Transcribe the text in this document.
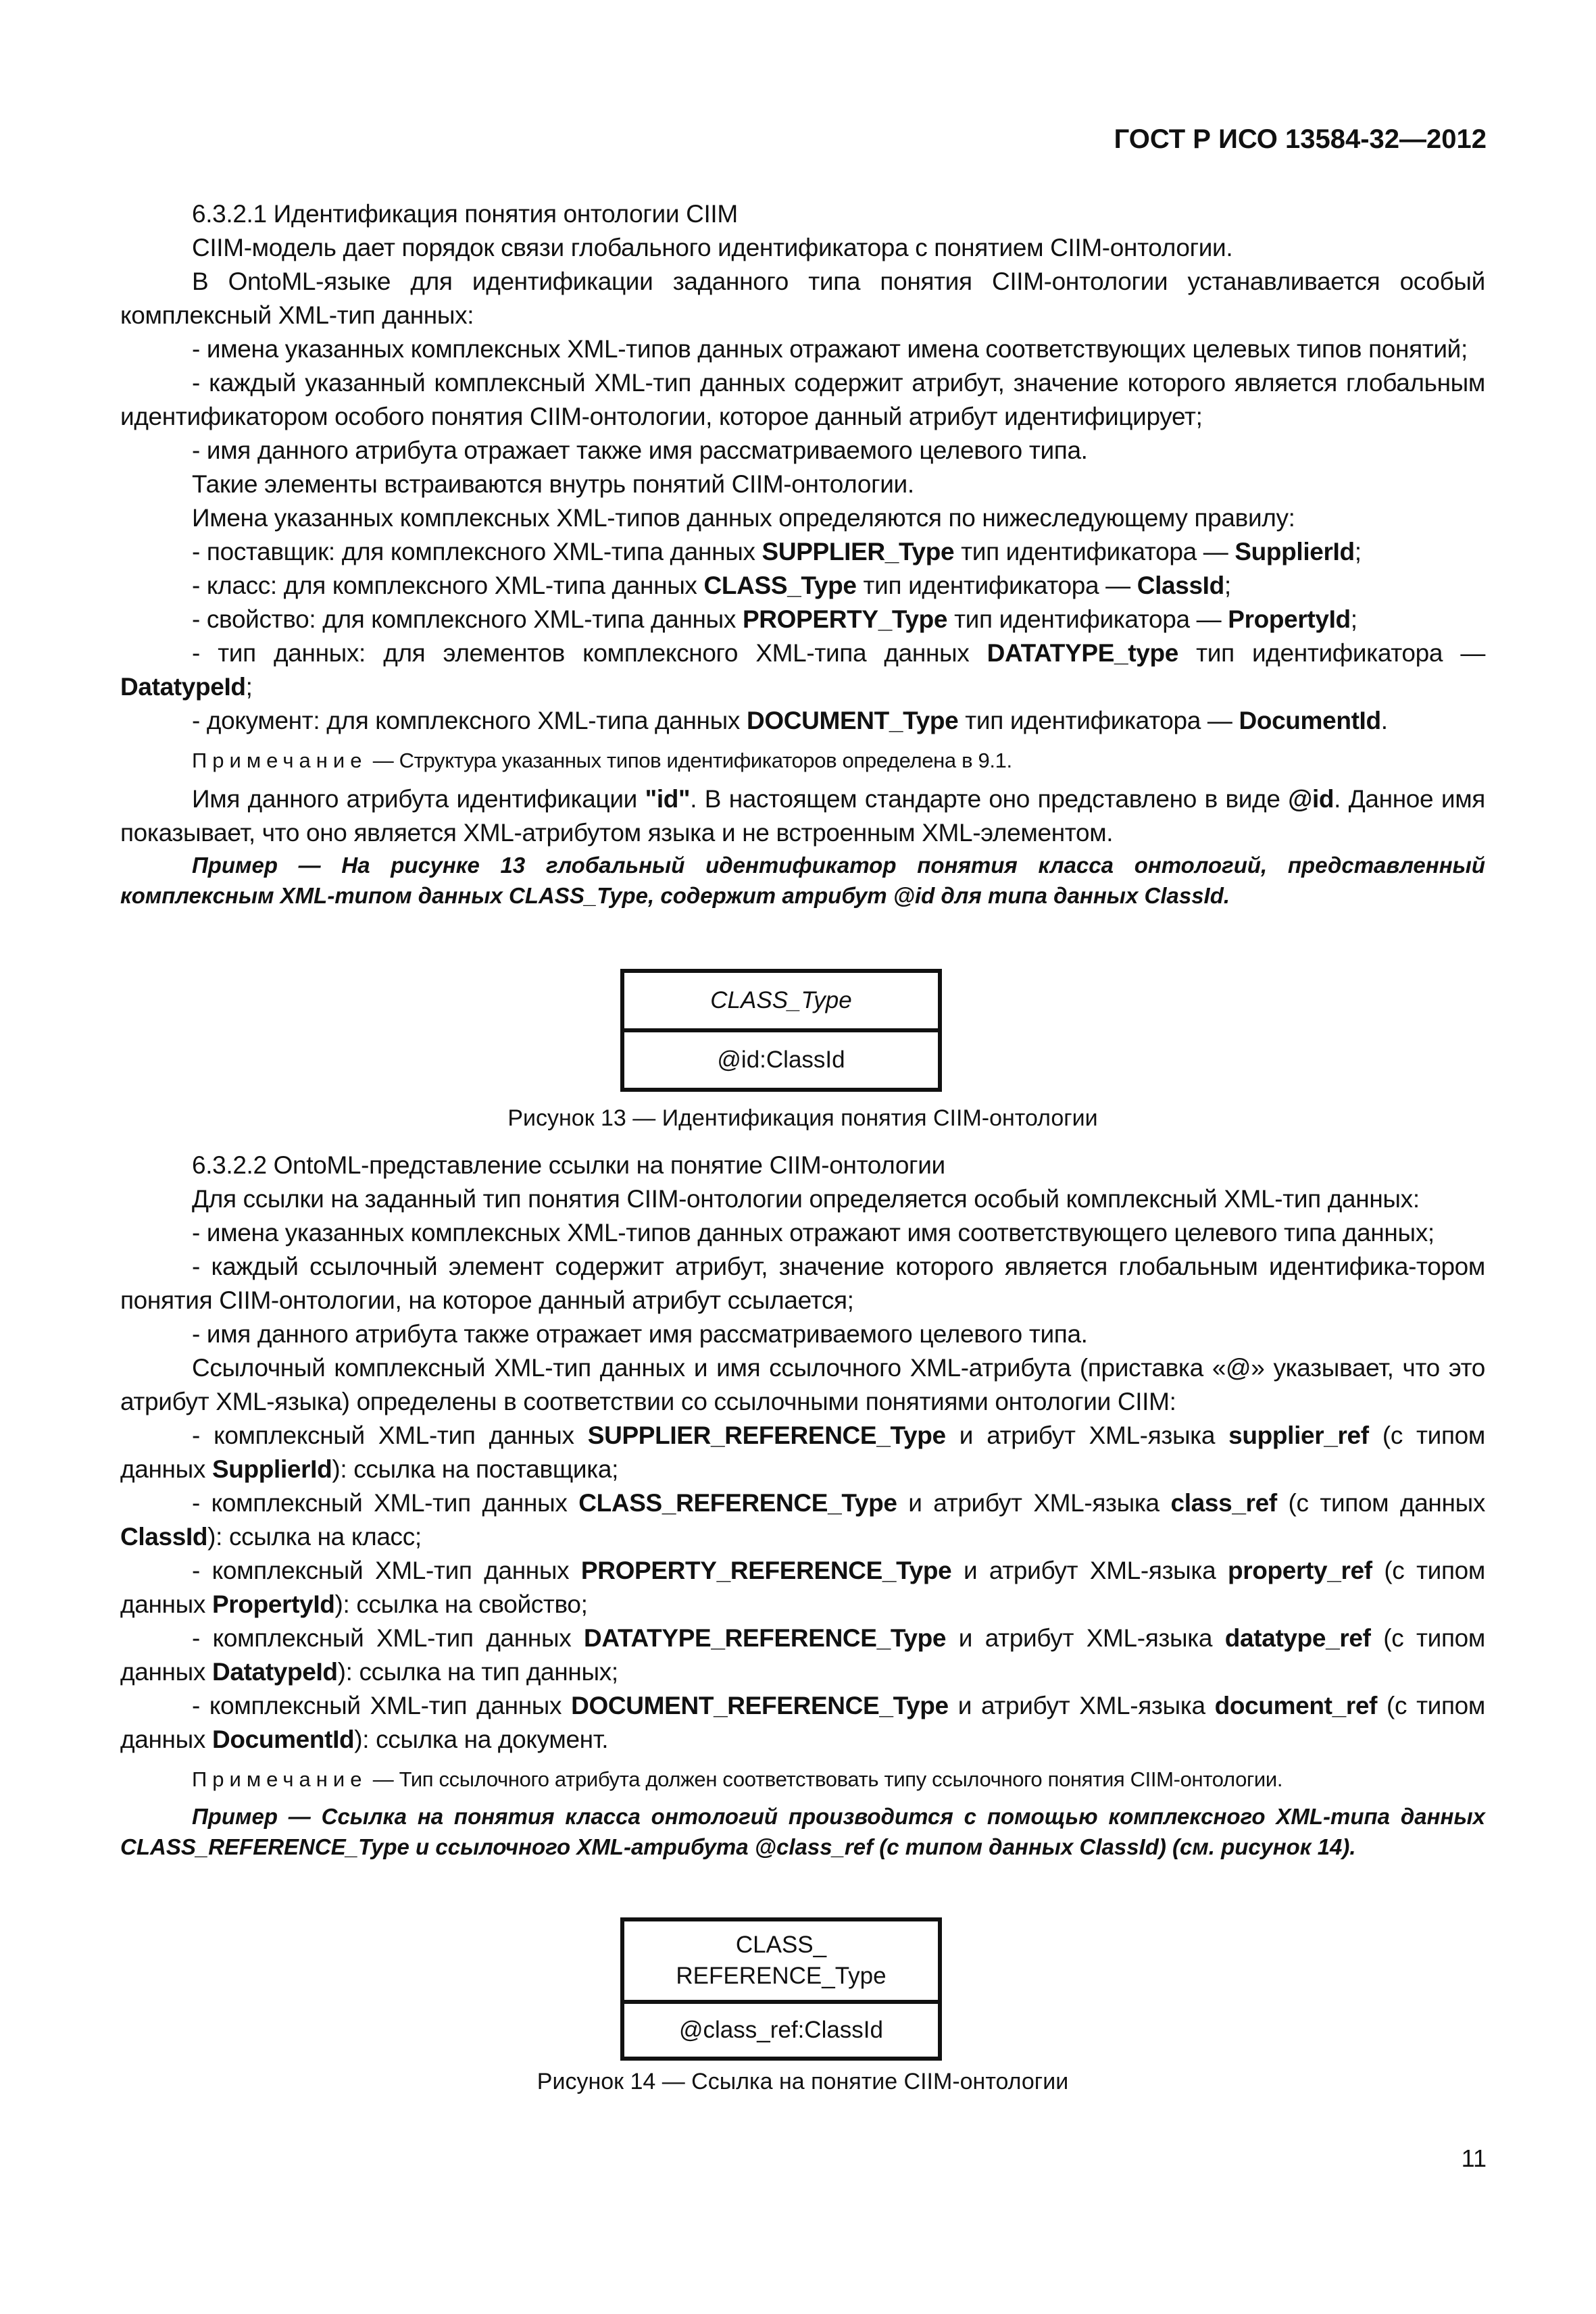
ГОСТ Р ИСО 13584-32—2012

6.3.2.1 Идентификация понятия онтологии CIIM

CIIM-модель дает порядок связи глобального идентификатора с понятием CIIM-онтологии.

В OntoML-языке для идентификации заданного типа понятия CIIM-онтологии устанавливается особый комплексный XML-тип данных:

- имена указанных комплексных XML-типов данных отражают имена соответствующих целевых типов понятий;

- каждый указанный комплексный XML-тип данных содержит атрибут, значение которого является глобальным идентификатором особого понятия CIIM-онтологии, которое данный атрибут идентифицирует;

- имя данного атрибута отражает также имя рассматриваемого целевого типа.

Такие элементы встраиваются внутрь понятий CIIM-онтологии.

Имена указанных комплексных XML-типов данных определяются по нижеследующему правилу:

- поставщик: для комплексного XML-типа данных SUPPLIER_Type тип идентификатора — SupplierId;

- класс: для комплексного XML-типа данных CLASS_Type тип идентификатора — ClassId;

- свойство: для комплексного XML-типа данных PROPERTY_Type тип идентификатора — PropertyId;

- тип данных: для элементов комплексного XML-типа данных DATATYPE_type тип идентификатора — DatatypeId;

- документ: для комплексного XML-типа данных DOCUMENT_Type тип идентификатора — DocumentId.

Примечание — Структура указанных типов идентификаторов определена в 9.1.

Имя данного атрибута идентификации "id". В настоящем стандарте оно представлено в виде @id. Данное имя показывает, что оно является XML-атрибутом языка и не встроенным XML-элементом.

Пример — На рисунке 13 глобальный идентификатор понятия класса онтологий, представленный комплексным XML-типом данных CLASS_Type, содержит атрибут @id для типа данных ClassId.

CLASS_Type
@id:ClassId
Рисунок 13 — Идентификация понятия CIIM-онтологии

6.3.2.2 OntoML-представление ссылки на понятие CIIM-онтологии

Для ссылки на заданный тип понятия CIIM-онтологии определяется особый комплексный XML-тип данных:

- имена указанных комплексных XML-типов данных отражают имя соответствующего целевого типа данных;

- каждый ссылочный элемент содержит атрибут, значение которого является глобальным идентифика-тором понятия CIIM-онтологии, на которое данный атрибут ссылается;

- имя данного атрибута также отражает имя рассматриваемого целевого типа.

Ссылочный комплексный XML-тип данных и имя ссылочного XML-атрибута (приставка «@» указывает, что это атрибут XML-языка) определены в соответствии со ссылочными понятиями онтологии CIIM:

- комплексный XML-тип данных SUPPLIER_REFERENCE_Type и атрибут XML-языка supplier_ref (с типом данных SupplierId): ссылка на поставщика;

- комплексный XML-тип данных CLASS_REFERENCE_Type и атрибут XML-языка class_ref (с типом данных ClassId): ссылка на класс;

- комплексный XML-тип данных PROPERTY_REFERENCE_Type и атрибут XML-языка property_ref (с типом данных PropertyId): ссылка на свойство;

- комплексный XML-тип данных DATATYPE_REFERENCE_Type и атрибут XML-языка datatype_ref (с типом данных DatatypeId): ссылка на тип данных;

- комплексный XML-тип данных DOCUMENT_REFERENCE_Type и атрибут XML-языка document_ref (с типом данных DocumentId): ссылка на документ.

Примечание — Тип ссылочного атрибута должен соответствовать типу ссылочного понятия CIIM-онтологии.

Пример — Ссылка на понятия класса онтологий производится с помощью комплексного XML-типа данных CLASS_REFERENCE_Type и ссылочного XML-атрибута @class_ref (с типом данных ClassId) (см. рисунок 14).

CLASS_
REFERENCE_Type
@class_ref:ClassId
Рисунок 14 — Ссылка на понятие CIIM-онтологии
11
